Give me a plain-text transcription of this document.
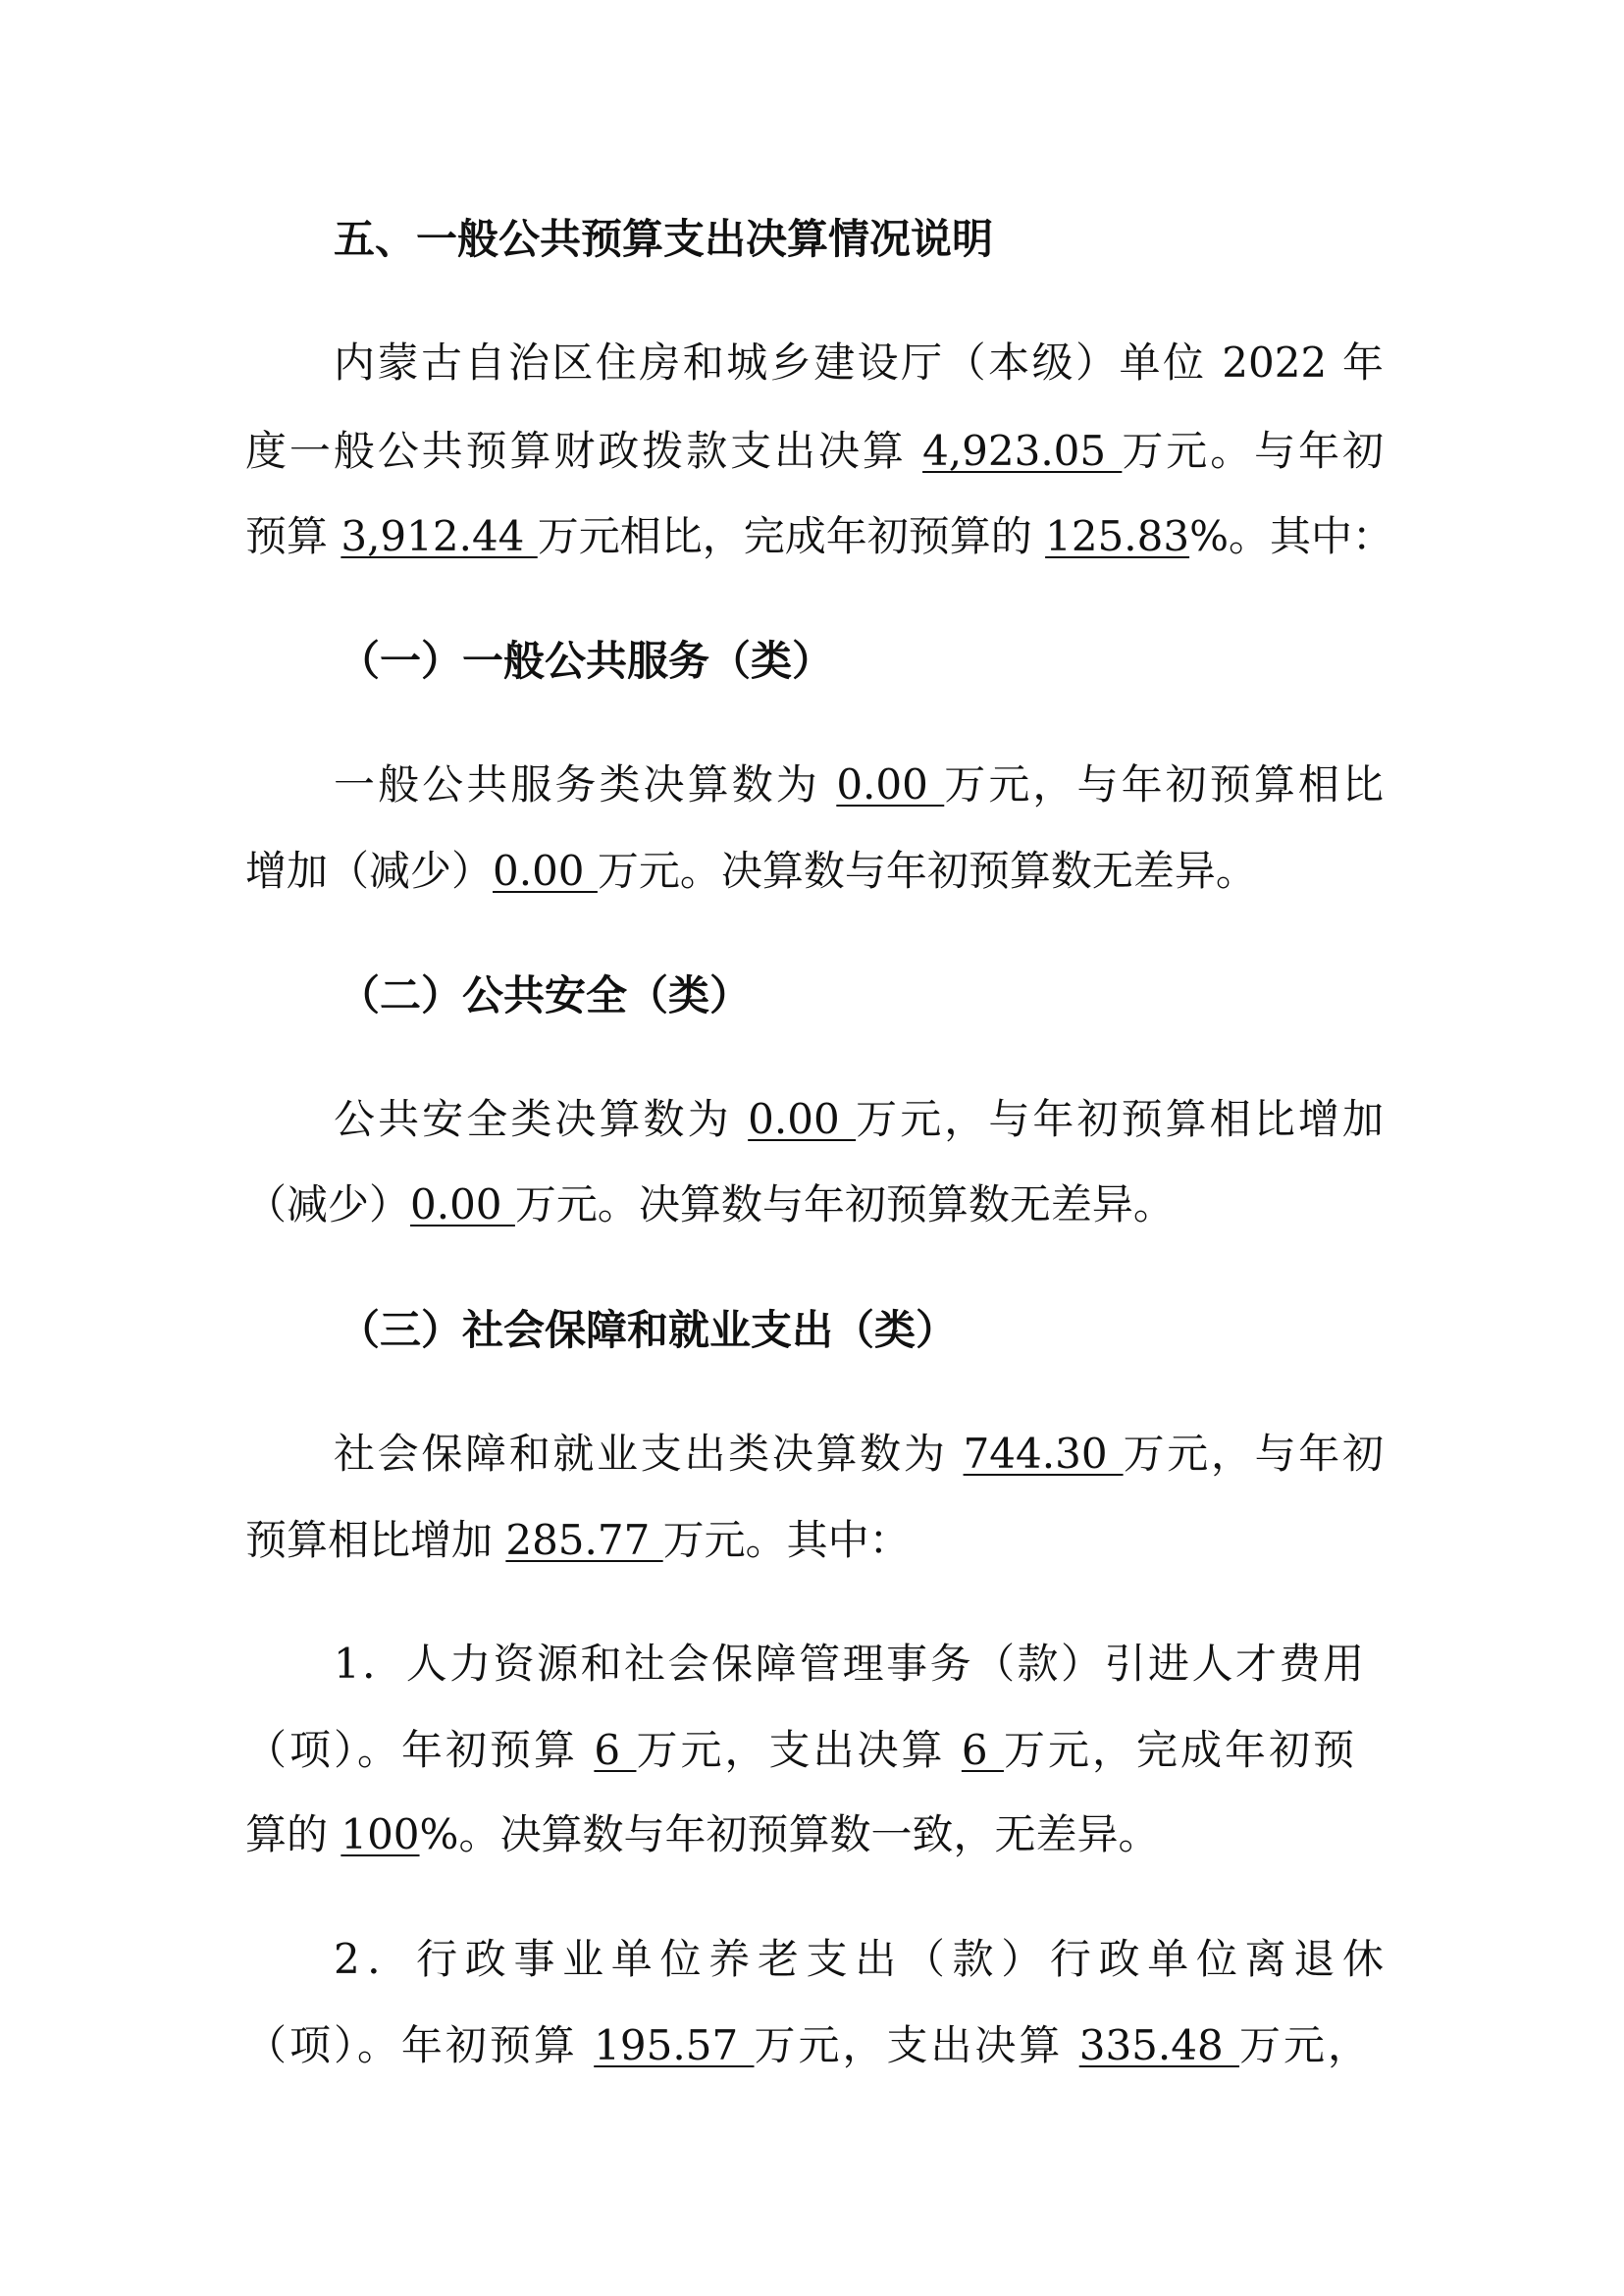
五、一般公共预算支出决算情况说明
内蒙古自治区住房和城乡建设厅（本级）单位 2022 年
度一般公共预算财政拨款支出决算 4,923.05 万元。与年初
预算 3,912.44 万元相比，完成年初预算的 125.83%。其中：
（一）一般公共服务（类）
一般公共服务类决算数为 0.00 万元，与年初预算相比
增加（减少）0.00 万元。决算数与年初预算数无差异。
（二）公共安全（类）
公共安全类决算数为 0.00 万元，与年初预算相比增加
（减少）0.00 万元。决算数与年初预算数无差异。
（三）社会保障和就业支出（类）
社会保障和就业支出类决算数为 744.30 万元，与年初
预算相比增加 285.77 万元。其中：
1．人力资源和社会保障管理事务（款）引进人才费用
（项）。年初预算 6 万元，支出决算 6 万元，完成年初预
算的 100%。决算数与年初预算数一致，无差异。
2．行政事业单位养老支出（款）行政单位离退休
（项）。年初预算 195.57 万元，支出决算 335.48 万元，
